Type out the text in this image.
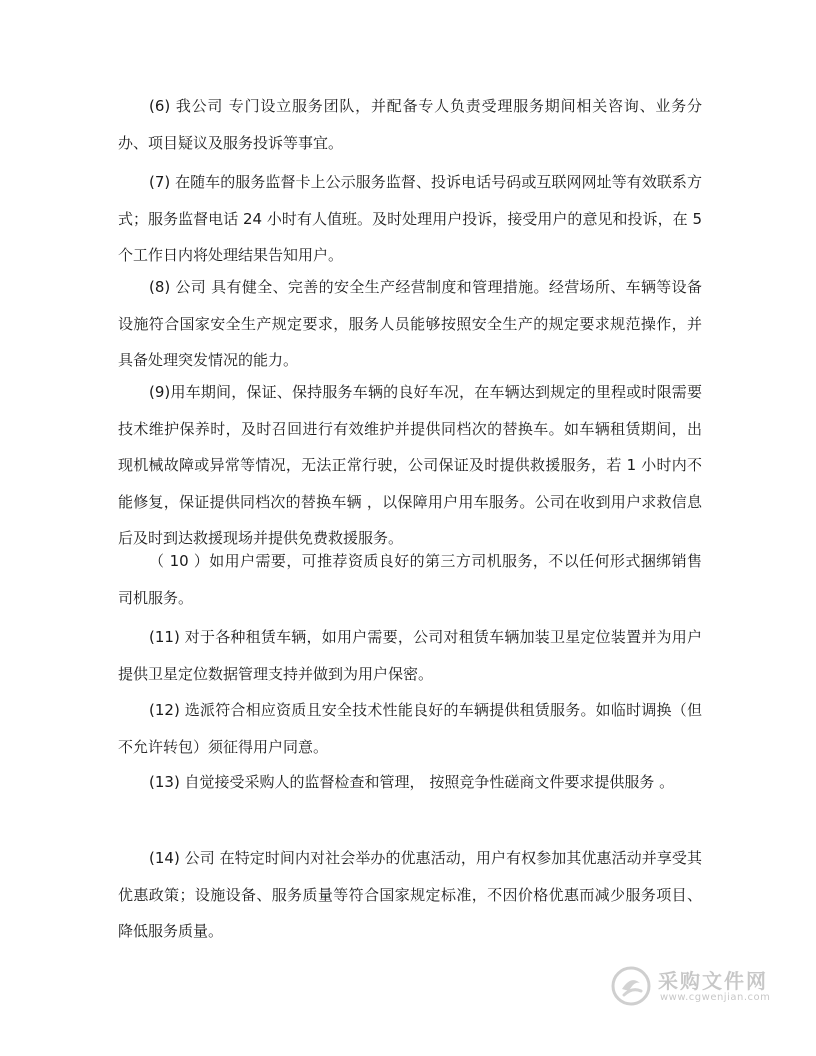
(6) 我公司 专门设立服务团队，并配备专人负责受理服务期间相关咨询、业务分办、项目疑议及服务投诉等事宜。

(7) 在随车的服务监督卡上公示服务监督、投诉电话号码或互联网网址等有效联系方式；服务监督电话 24 小时有人值班。及时处理用户投诉，接受用户的意见和投诉，在 5 个工作日内将处理结果告知用户。

(8) 公司 具有健全、完善的安全生产经营制度和管理措施。经营场所、车辆等设备设施符合国家安全生产规定要求，服务人员能够按照安全生产的规定要求规范操作，并具备处理突发情况的能力。

(9)用车期间，保证、保持服务车辆的良好车况，在车辆达到规定的里程或时限需要技术维护保养时，及时召回进行有效维护并提供同档次的替换车。如车辆租赁期间，出现机械故障或异常等情况，无法正常行驶，公司保证及时提供救援服务，若 1 小时内不能修复，保证提供同档次的替换车辆 ，以保障用户用车服务。公司在收到用户求救信息后及时到达救援现场并提供免费救援服务。

（ 10 ）如用户需要，可推荐资质良好的第三方司机服务，不以任何形式捆绑销售司机服务。

(11) 对于各种租赁车辆，如用户需要，公司对租赁车辆加装卫星定位装置并为用户提供卫星定位数据管理支持并做到为用户保密。

(12) 选派符合相应资质且安全技术性能良好的车辆提供租赁服务。如临时调换（但不允许转包）须征得用户同意。

(13) 自觉接受采购人的监督检查和管理， 按照竞争性磋商文件要求提供服务 。

(14) 公司 在特定时间内对社会举办的优惠活动，用户有权参加其优惠活动并享受其优惠政策；设施设备、服务质量等符合国家规定标准，不因价格优惠而减少服务项目、降低服务质量。

采购文件网
www.cgwenjian.com
